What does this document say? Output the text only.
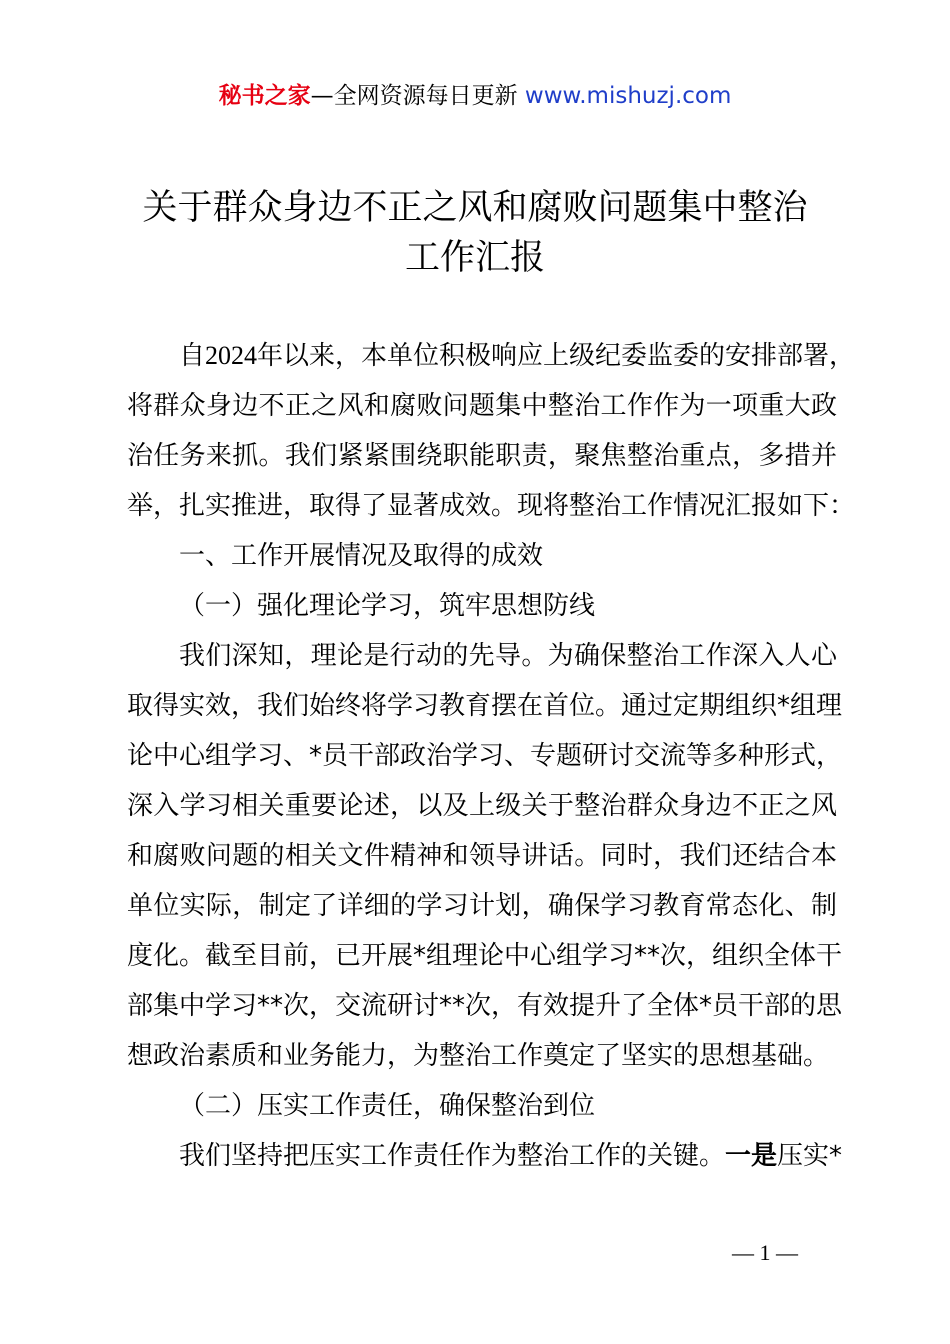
秘书之家—全网资源每日更新 www.mishuzj.com
关于群众身边不正之风和腐败问题集中整治
工作汇报
自2024年以来，本单位积极响应上级纪委监委的安排部署，
将群众身边不正之风和腐败问题集中整治工作作为一项重大政
治任务来抓。我们紧紧围绕职能职责，聚焦整治重点，多措并
举，扎实推进，取得了显著成效。现将整治工作情况汇报如下：
一、工作开展情况及取得的成效
（一）强化理论学习，筑牢思想防线
我们深知，理论是行动的先导。为确保整治工作深入人心
取得实效，我们始终将学习教育摆在首位。通过定期组织*组理
论中心组学习、*员干部政治学习、专题研讨交流等多种形式，
深入学习相关重要论述，以及上级关于整治群众身边不正之风
和腐败问题的相关文件精神和领导讲话。同时，我们还结合本
单位实际，制定了详细的学习计划，确保学习教育常态化、制
度化。截至目前，已开展*组理论中心组学习**次，组织全体干
部集中学习**次，交流研讨**次，有效提升了全体*员干部的思
想政治素质和业务能力，为整治工作奠定了坚实的思想基础。
（二）压实工作责任，确保整治到位
我们坚持把压实工作责任作为整治工作的关键。一是压实*
— 1 —
